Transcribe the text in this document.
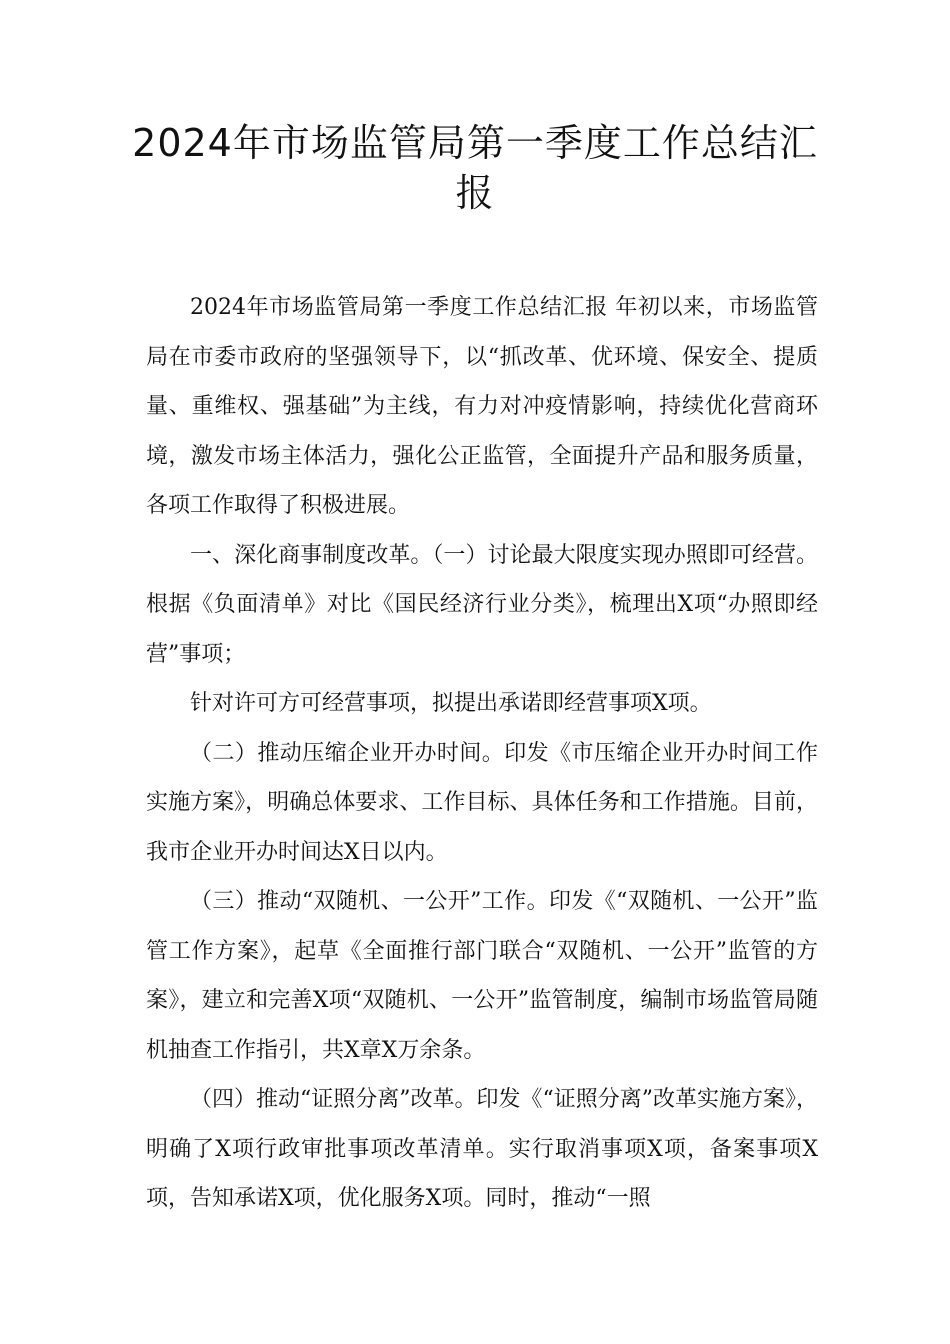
2024年市场监管局第一季度工作总结汇报

2024年市场监管局第一季度工作总结汇报 年初以来，市场监管局在市委市政府的坚强领导下，以“抓改革、优环境、保安全、提质量、重维权、强基础”为主线，有力对冲疫情影响，持续优化营商环境，激发市场主体活力，强化公正监管，全面提升产品和服务质量，各项工作取得了积极进展。

一、深化商事制度改革。（一）讨论最大限度实现办照即可经营。根据《负面清单》对比《国民经济行业分类》，梳理出X项“办照即经营”事项；

针对许可方可经营事项，拟提出承诺即经营事项X项。

（二）推动压缩企业开办时间。印发《市压缩企业开办时间工作实施方案》，明确总体要求、工作目标、具体任务和工作措施。目前，我市企业开办时间达X日以内。

（三）推动“双随机、一公开”工作。印发《“双随机、一公开”监管工作方案》，起草《全面推行部门联合“双随机、一公开”监管的方案》，建立和完善X项“双随机、一公开”监管制度，编制市场监管局随机抽查工作指引，共X章X万余条。

（四）推动“证照分离”改革。印发《“证照分离”改革实施方案》，明确了X项行政审批事项改革清单。实行取消事项X项，备案事项X项，告知承诺X项，优化服务X项。同时，推动“一照
